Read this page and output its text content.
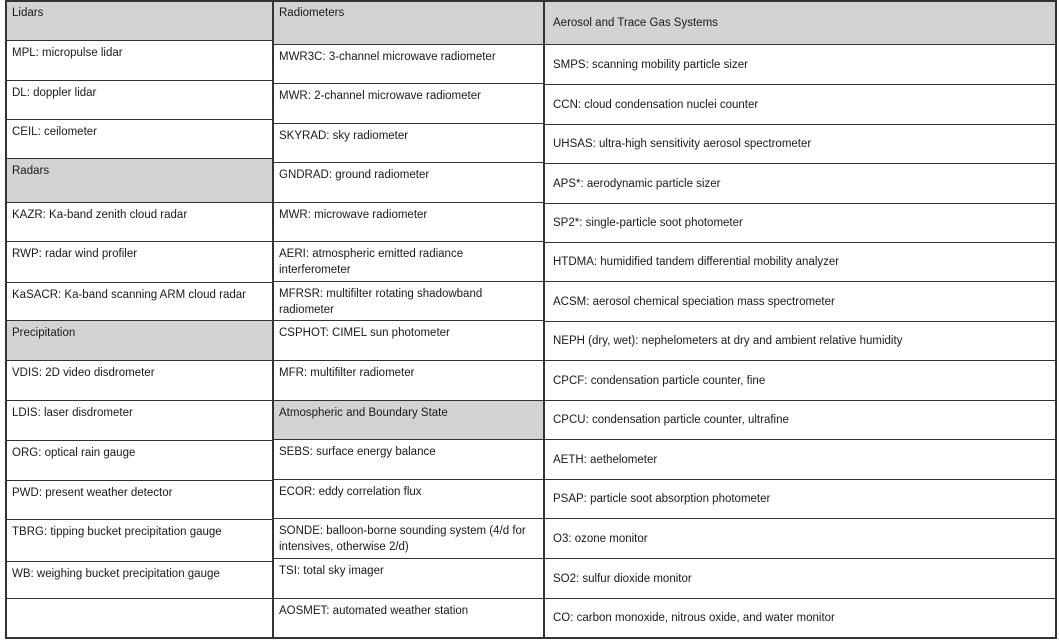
Lidars
MPL: micropulse lidar
DL: doppler lidar
CEIL: ceilometer
Radars
KAZR: Ka-band zenith cloud radar
RWP: radar wind profiler
KaSACR: Ka-band scanning ARM cloud radar
Precipitation
VDIS: 2D video disdrometer
LDIS: laser disdrometer
ORG: optical rain gauge
PWD: present weather detector
TBRG: tipping bucket precipitation gauge
WB: weighing bucket precipitation gauge
Radiometers
MWR3C: 3-channel microwave radiometer
MWR: 2-channel microwave radiometer
SKYRAD: sky radiometer
GNDRAD: ground radiometer
MWR: microwave radiometer
AERI: atmospheric emitted radiance interferometer
MFRSR: multifilter rotating shadowband radiometer
CSPHOT: CIMEL sun photometer
MFR: multifilter radiometer
Atmospheric and Boundary State
SEBS: surface energy balance
ECOR: eddy correlation flux
SONDE: balloon-borne sounding system (4/d for intensives, otherwise 2/d)
TSI: total sky imager
AOSMET: automated weather station
Aerosol and Trace Gas Systems
SMPS: scanning mobility particle sizer
CCN: cloud condensation nuclei counter
UHSAS: ultra-high sensitivity aerosol spectrometer
APS*: aerodynamic particle sizer
SP2*: single-particle soot photometer
HTDMA: humidified tandem differential mobility analyzer
ACSM: aerosol chemical speciation mass spectrometer
NEPH (dry, wet): nephelometers at dry and ambient relative humidity
CPCF: condensation particle counter, fine
CPCU: condensation particle counter, ultrafine
AETH: aethelometer
PSAP: particle soot absorption photometer
O3: ozone monitor
SO2: sulfur dioxide monitor
CO: carbon monoxide, nitrous oxide, and water monitor
